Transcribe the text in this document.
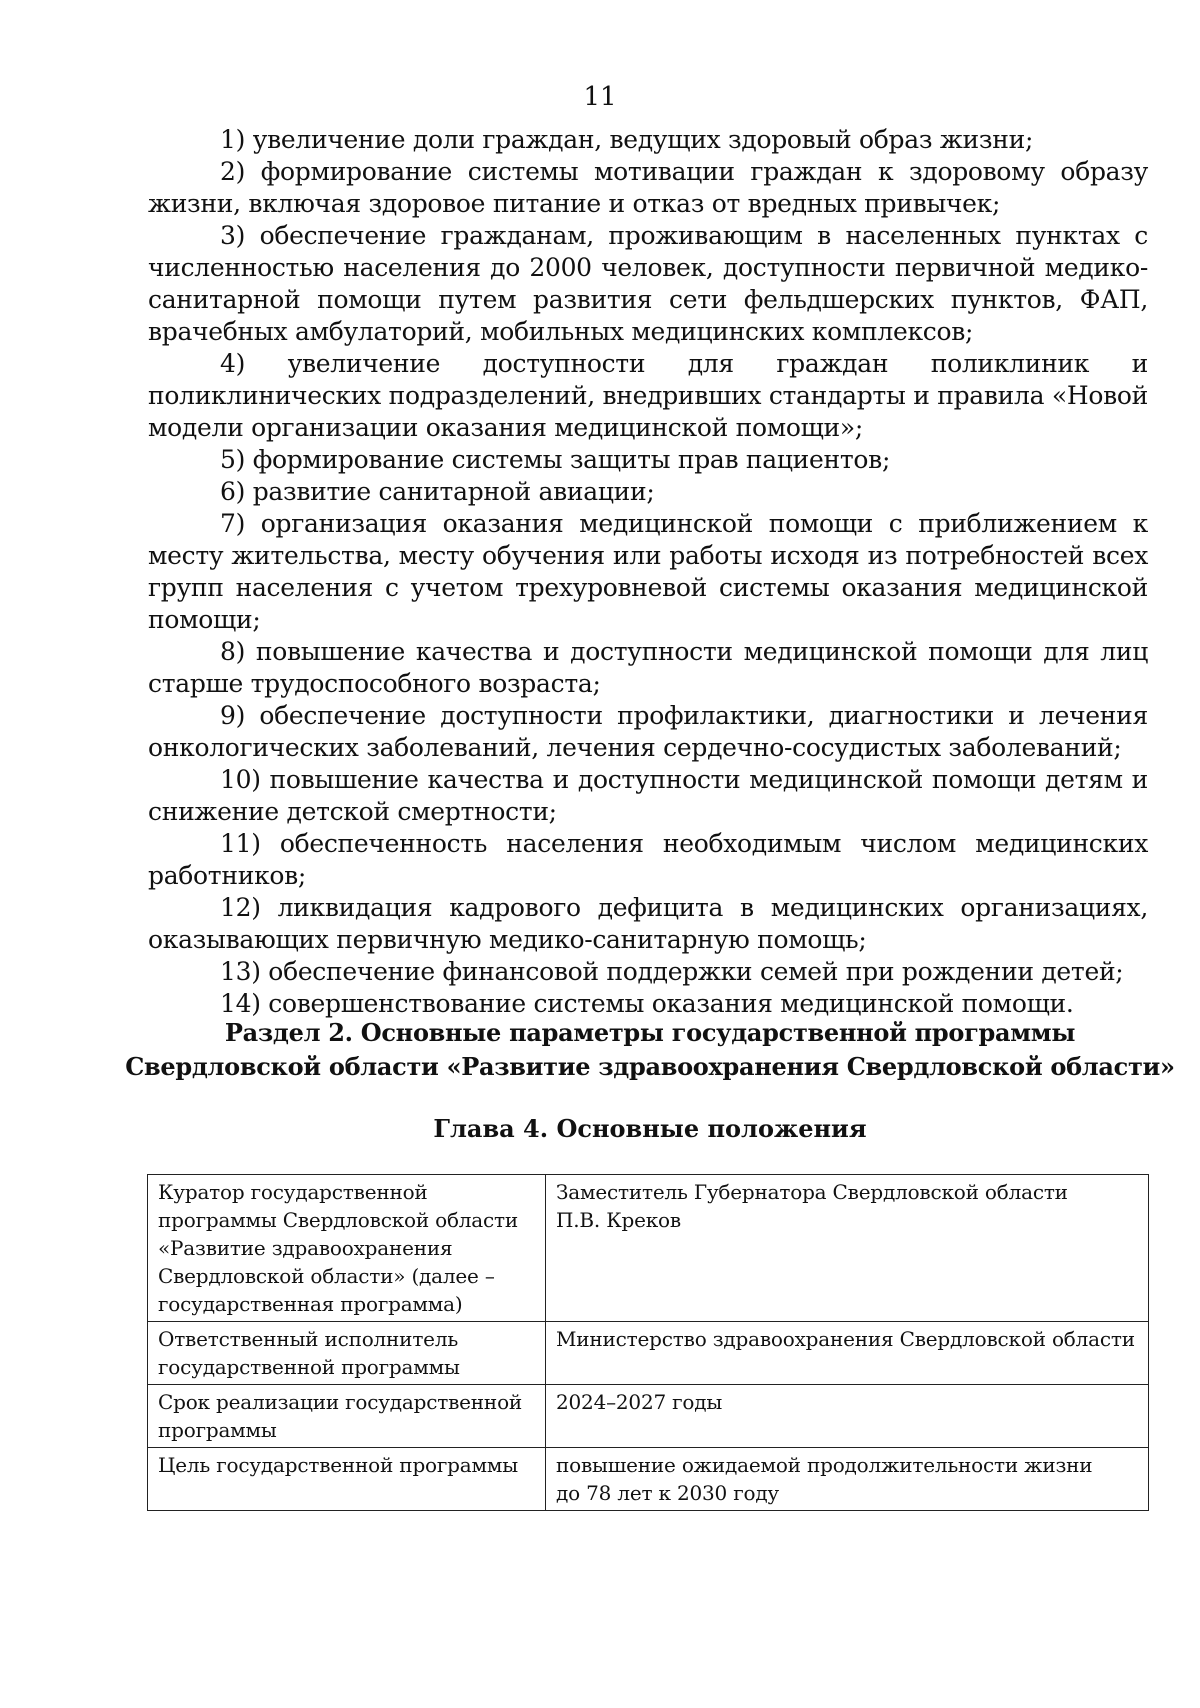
11

1) увеличение доли граждан, ведущих здоровый образ жизни;

2) формирование системы мотивации граждан к здоровому образу жизни, включая здоровое питание и отказ от вредных привычек;

3) обеспечение гражданам, проживающим в населенных пунктах с численностью населения до 2000 человек, доступности первичной медико-санитарной помощи путем развития сети фельдшерских пунктов, ФАП, врачебных амбулаторий, мобильных медицинских комплексов;

4) увеличение доступности для граждан поликлиник и поликлинических подразделений, внедривших стандарты и правила «Новой модели организации оказания медицинской помощи»;

5) формирование системы защиты прав пациентов;

6) развитие санитарной авиации;

7) организация оказания медицинской помощи с приближением к месту жительства, месту обучения или работы исходя из потребностей всех групп населения с учетом трехуровневой системы оказания медицинской помощи;

8) повышение качества и доступности медицинской помощи для лиц старше трудоспособного возраста;

9) обеспечение доступности профилактики, диагностики и лечения онкологических заболеваний, лечения сердечно-сосудистых заболеваний;

10) повышение качества и доступности медицинской помощи детям и снижение детской смертности;

11) обеспеченность населения необходимым числом медицинских работников;

12) ликвидация кадрового дефицита в медицинских организациях, оказывающих первичную медико-санитарную помощь;

13) обеспечение финансовой поддержки семей при рождении детей;

14) совершенствование системы оказания медицинской помощи.

Раздел 2. Основные параметры государственной программы
Свердловской области «Развитие здравоохранения Свердловской области»
Глава 4. Основные положения
Куратор государственной
программы Свердловской области
«Развитие здравоохранения
Свердловской области» (далее –
государственная программа)	Заместитель Губернатора Свердловской области
П.В. Креков

Ответственный исполнитель
государственной программы	Министерство здравоохранения Свердловской области

Срок реализации государственной
программы	2024–2027 годы

Цель государственной программы	повышение ожидаемой продолжительности жизни
до 78 лет к 2030 году
